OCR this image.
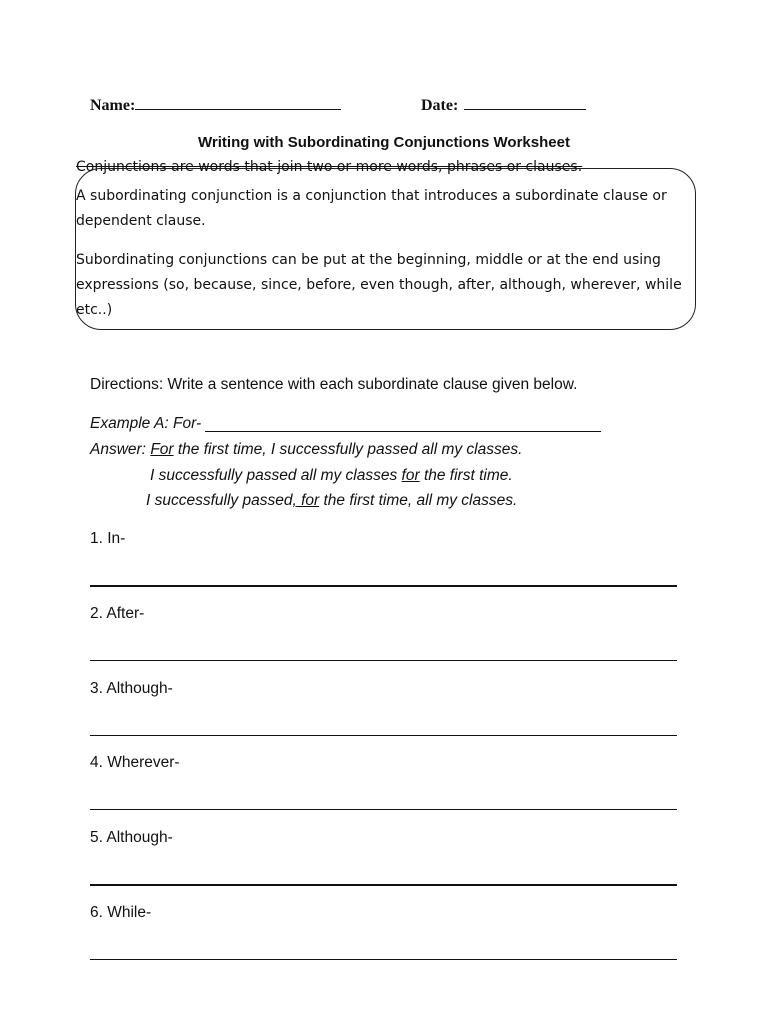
Name:	Date:
Writing with Subordinating Conjunctions Worksheet
Conjunctions are words that join two or more words, phrases or clauses.
A subordinating conjunction is a conjunction that introduces a subordinate clause or
dependent clause.
Subordinating conjunctions can be put at the beginning, middle or at the end using
expressions (so, because, since, before, even though, after, although, wherever, while
etc..)
Directions: Write a sentence with each subordinate clause given below.
Example A: For-
Answer: For the first time, I successfully passed all my classes.
I successfully passed all my classes for the first time.
I successfully passed, for the first time, all my classes.
1. In-
2. After-
3. Although-
4. Wherever-
5. Although-
6. While-
